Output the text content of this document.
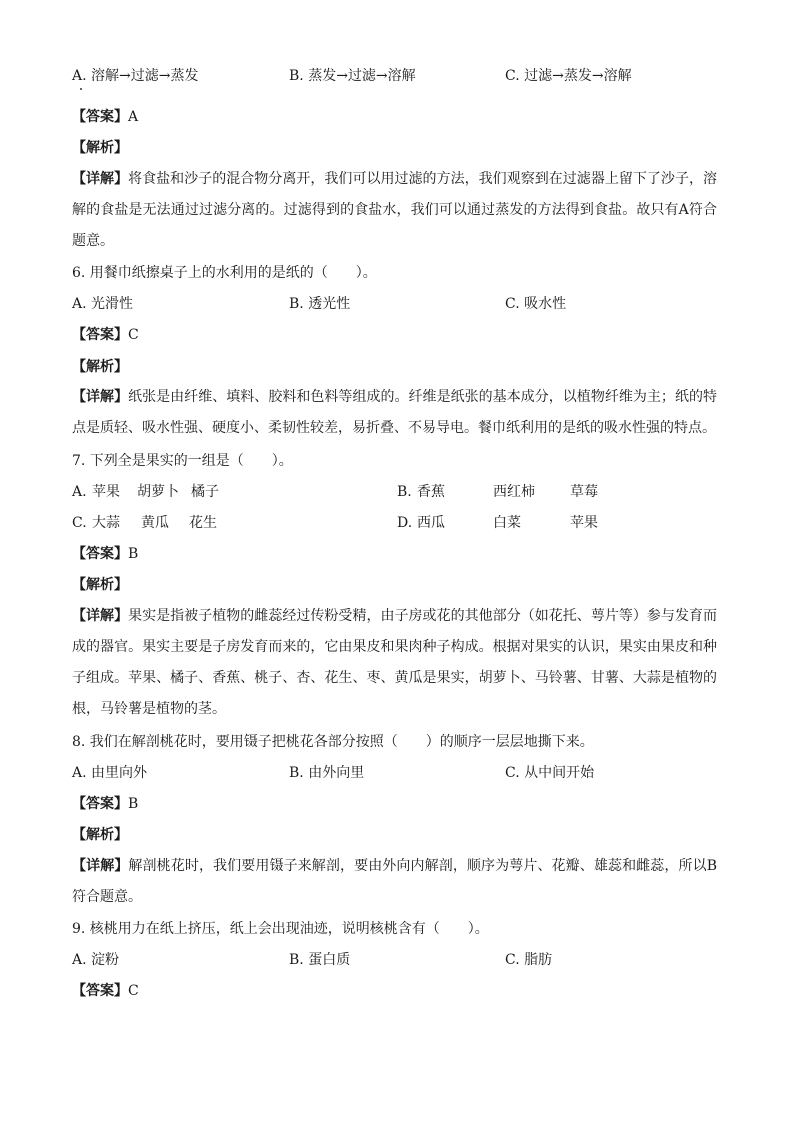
A. 溶解→过滤→蒸发	B. 蒸发→过滤→溶解	C. 过滤→蒸发→溶解
【答案】A
【解析】
【详解】将食盐和沙子的混合物分离开，我们可以用过滤的方法，我们观察到在过滤器上留下了沙子，溶解的食盐是无法通过过滤分离的。过滤得到的食盐水，我们可以通过蒸发的方法得到食盐。故只有A符合题意。
6. 用餐巾纸擦桌子上的水利用的是纸的（　　）。
A. 光滑性	B. 透光性	C. 吸水性
【答案】C
【解析】
【详解】纸张是由纤维、填料、胶料和色料等组成的。纤维是纸张的基本成分，以植物纤维为主；纸的特点是质轻、吸水性强、硬度小、柔韧性较差，易折叠、不易导电。餐巾纸利用的是纸的吸水性强的特点。
7. 下列全是果实的一组是（　　）。
A. 苹果 胡萝卜 橘子	B. 香蕉	西红柿	草莓
C. 大蒜 黄瓜 花生	D. 西瓜	白菜	苹果
【答案】B
【解析】
【详解】果实是指被子植物的雌蕊经过传粉受精，由子房或花的其他部分（如花托、萼片等）参与发育而成的器官。果实主要是子房发育而来的，它由果皮和果肉种子构成。根据对果实的认识，果实由果皮和种子组成。苹果、橘子、香蕉、桃子、杏、花生、枣、黄瓜是果实，胡萝卜、马铃薯、甘薯、大蒜是植物的根，马铃薯是植物的茎。
8. 我们在解剖桃花时，要用镊子把桃花各部分按照（　　）的顺序一层层地撕下来。
A. 由里向外	B. 由外向里	C. 从中间开始
【答案】B
【解析】
【详解】解剖桃花时，我们要用镊子来解剖，要由外向内解剖，顺序为萼片、花瓣、雄蕊和雌蕊，所以B符合题意。
9. 核桃用力在纸上挤压，纸上会出现油迹，说明核桃含有（　　）。
A. 淀粉	B. 蛋白质	C. 脂肪
【答案】C
